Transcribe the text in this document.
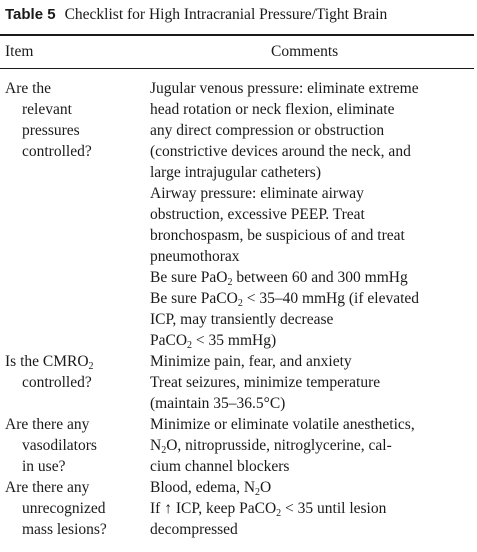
Table 5 Checklist for High Intracranial Pressure/Tight Brain
Item	Comments
Are the
relevant
pressures
controlled?
Jugular venous pressure: eliminate extreme
head rotation or neck flexion, eliminate
any direct compression or obstruction
(constrictive devices around the neck, and
large intrajugular catheters)
Airway pressure: eliminate airway
obstruction, excessive PEEP. Treat
bronchospasm, be suspicious of and treat
pneumothorax
Be sure PaO$_2$ between 60 and 300 mmHg
Be sure PaCO$_2$ < 35–40 mmHg (if elevated
ICP, may transiently decrease
PaCO$_2$ < 35 mmHg)
Is the $CMRO_2$
controlled?
Minimize pain, fear, and anxiety
Treat seizures, minimize temperature
(maintain 35–36.5°C)
Are there any
vasodilators
in use?
Minimize or eliminate volatile anesthetics,
$N_2O$, nitroprusside, nitroglycerine, cal-
cium channel blockers
Are there any
unrecognized
mass lesions?
Blood, edema, $N_2O$
If ↑ ICP, keep PaCO$_2$ < 35 until lesion
decompressed
